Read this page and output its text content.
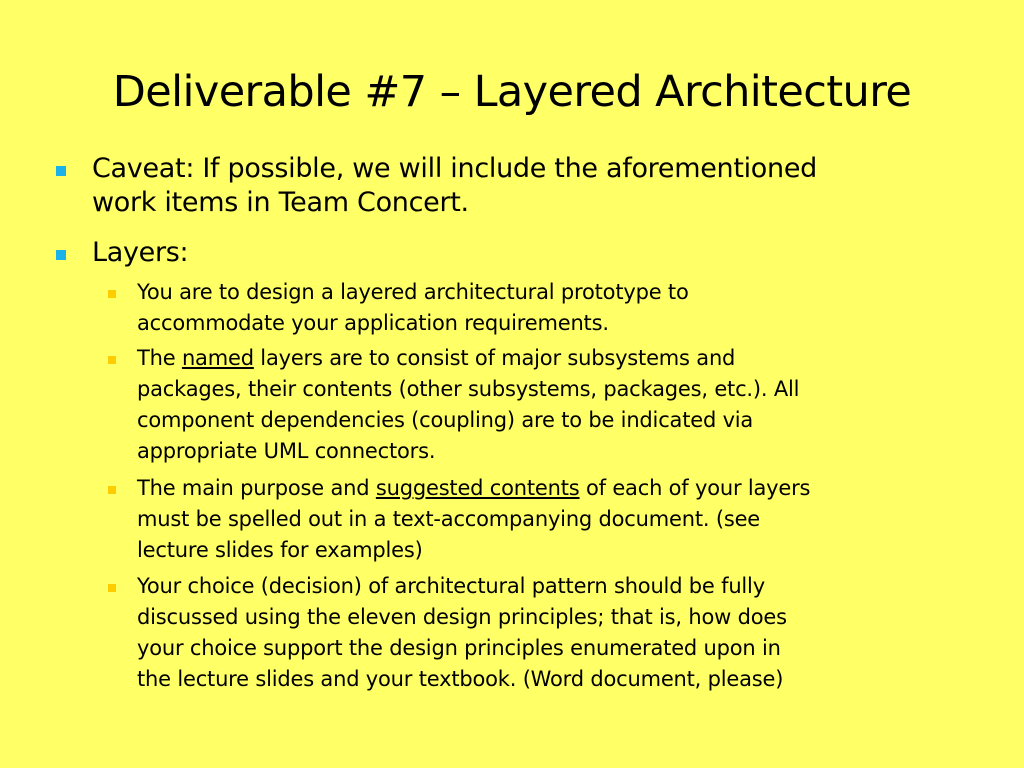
Deliverable #7 – Layered Architecture
Caveat: If possible, we will include the aforementioned
work items in Team Concert.
Layers:
You are to design a layered architectural prototype to
accommodate your application requirements.
The named layers are to consist of major subsystems and
packages, their contents (other subsystems, packages, etc.). All
component dependencies (coupling) are to be indicated via
appropriate UML connectors.
The main purpose and suggested contents of each of your layers
must be spelled out in a text-accompanying document. (see
lecture slides for examples)
Your choice (decision) of architectural pattern should be fully
discussed using the eleven design principles; that is, how does
your choice support the design principles enumerated upon in
the lecture slides and your textbook. (Word document, please)
